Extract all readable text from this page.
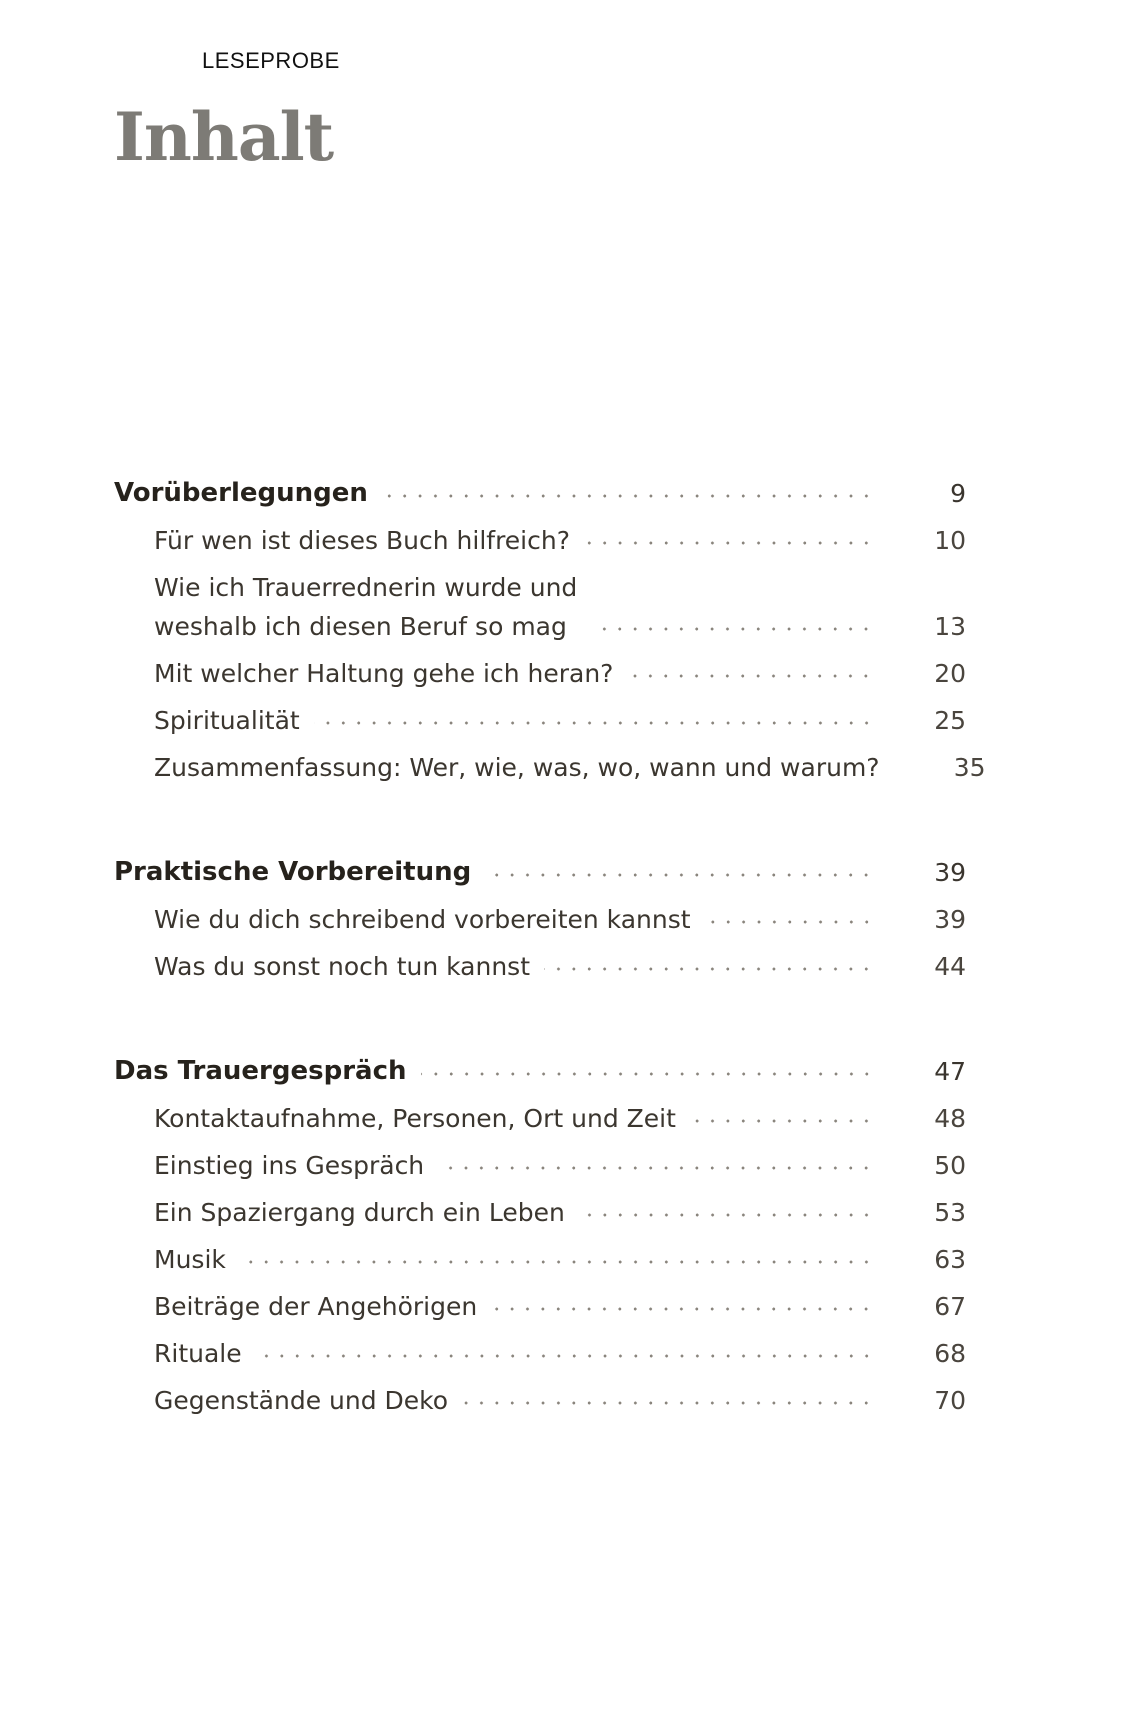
LESEPROBE
Inhalt
Vorüberlegungen	9
Für wen ist dieses Buch hilfreich?	10
Wie ich Trauerrednerin wurde und
weshalb ich diesen Beruf so mag	13
Mit welcher Haltung gehe ich heran?	20
Spiritualität	25
Zusammenfassung: Wer, wie, was, wo, wann und warum?	35
Praktische Vorbereitung	39
Wie du dich schreibend vorbereiten kannst	39
Was du sonst noch tun kannst	44
Das Trauergespräch	47
Kontaktaufnahme, Personen, Ort und Zeit	48
Einstieg ins Gespräch	50
Ein Spaziergang durch ein Leben	53
Musik	63
Beiträge der Angehörigen	67
Rituale	68
Gegenstände und Deko	70
